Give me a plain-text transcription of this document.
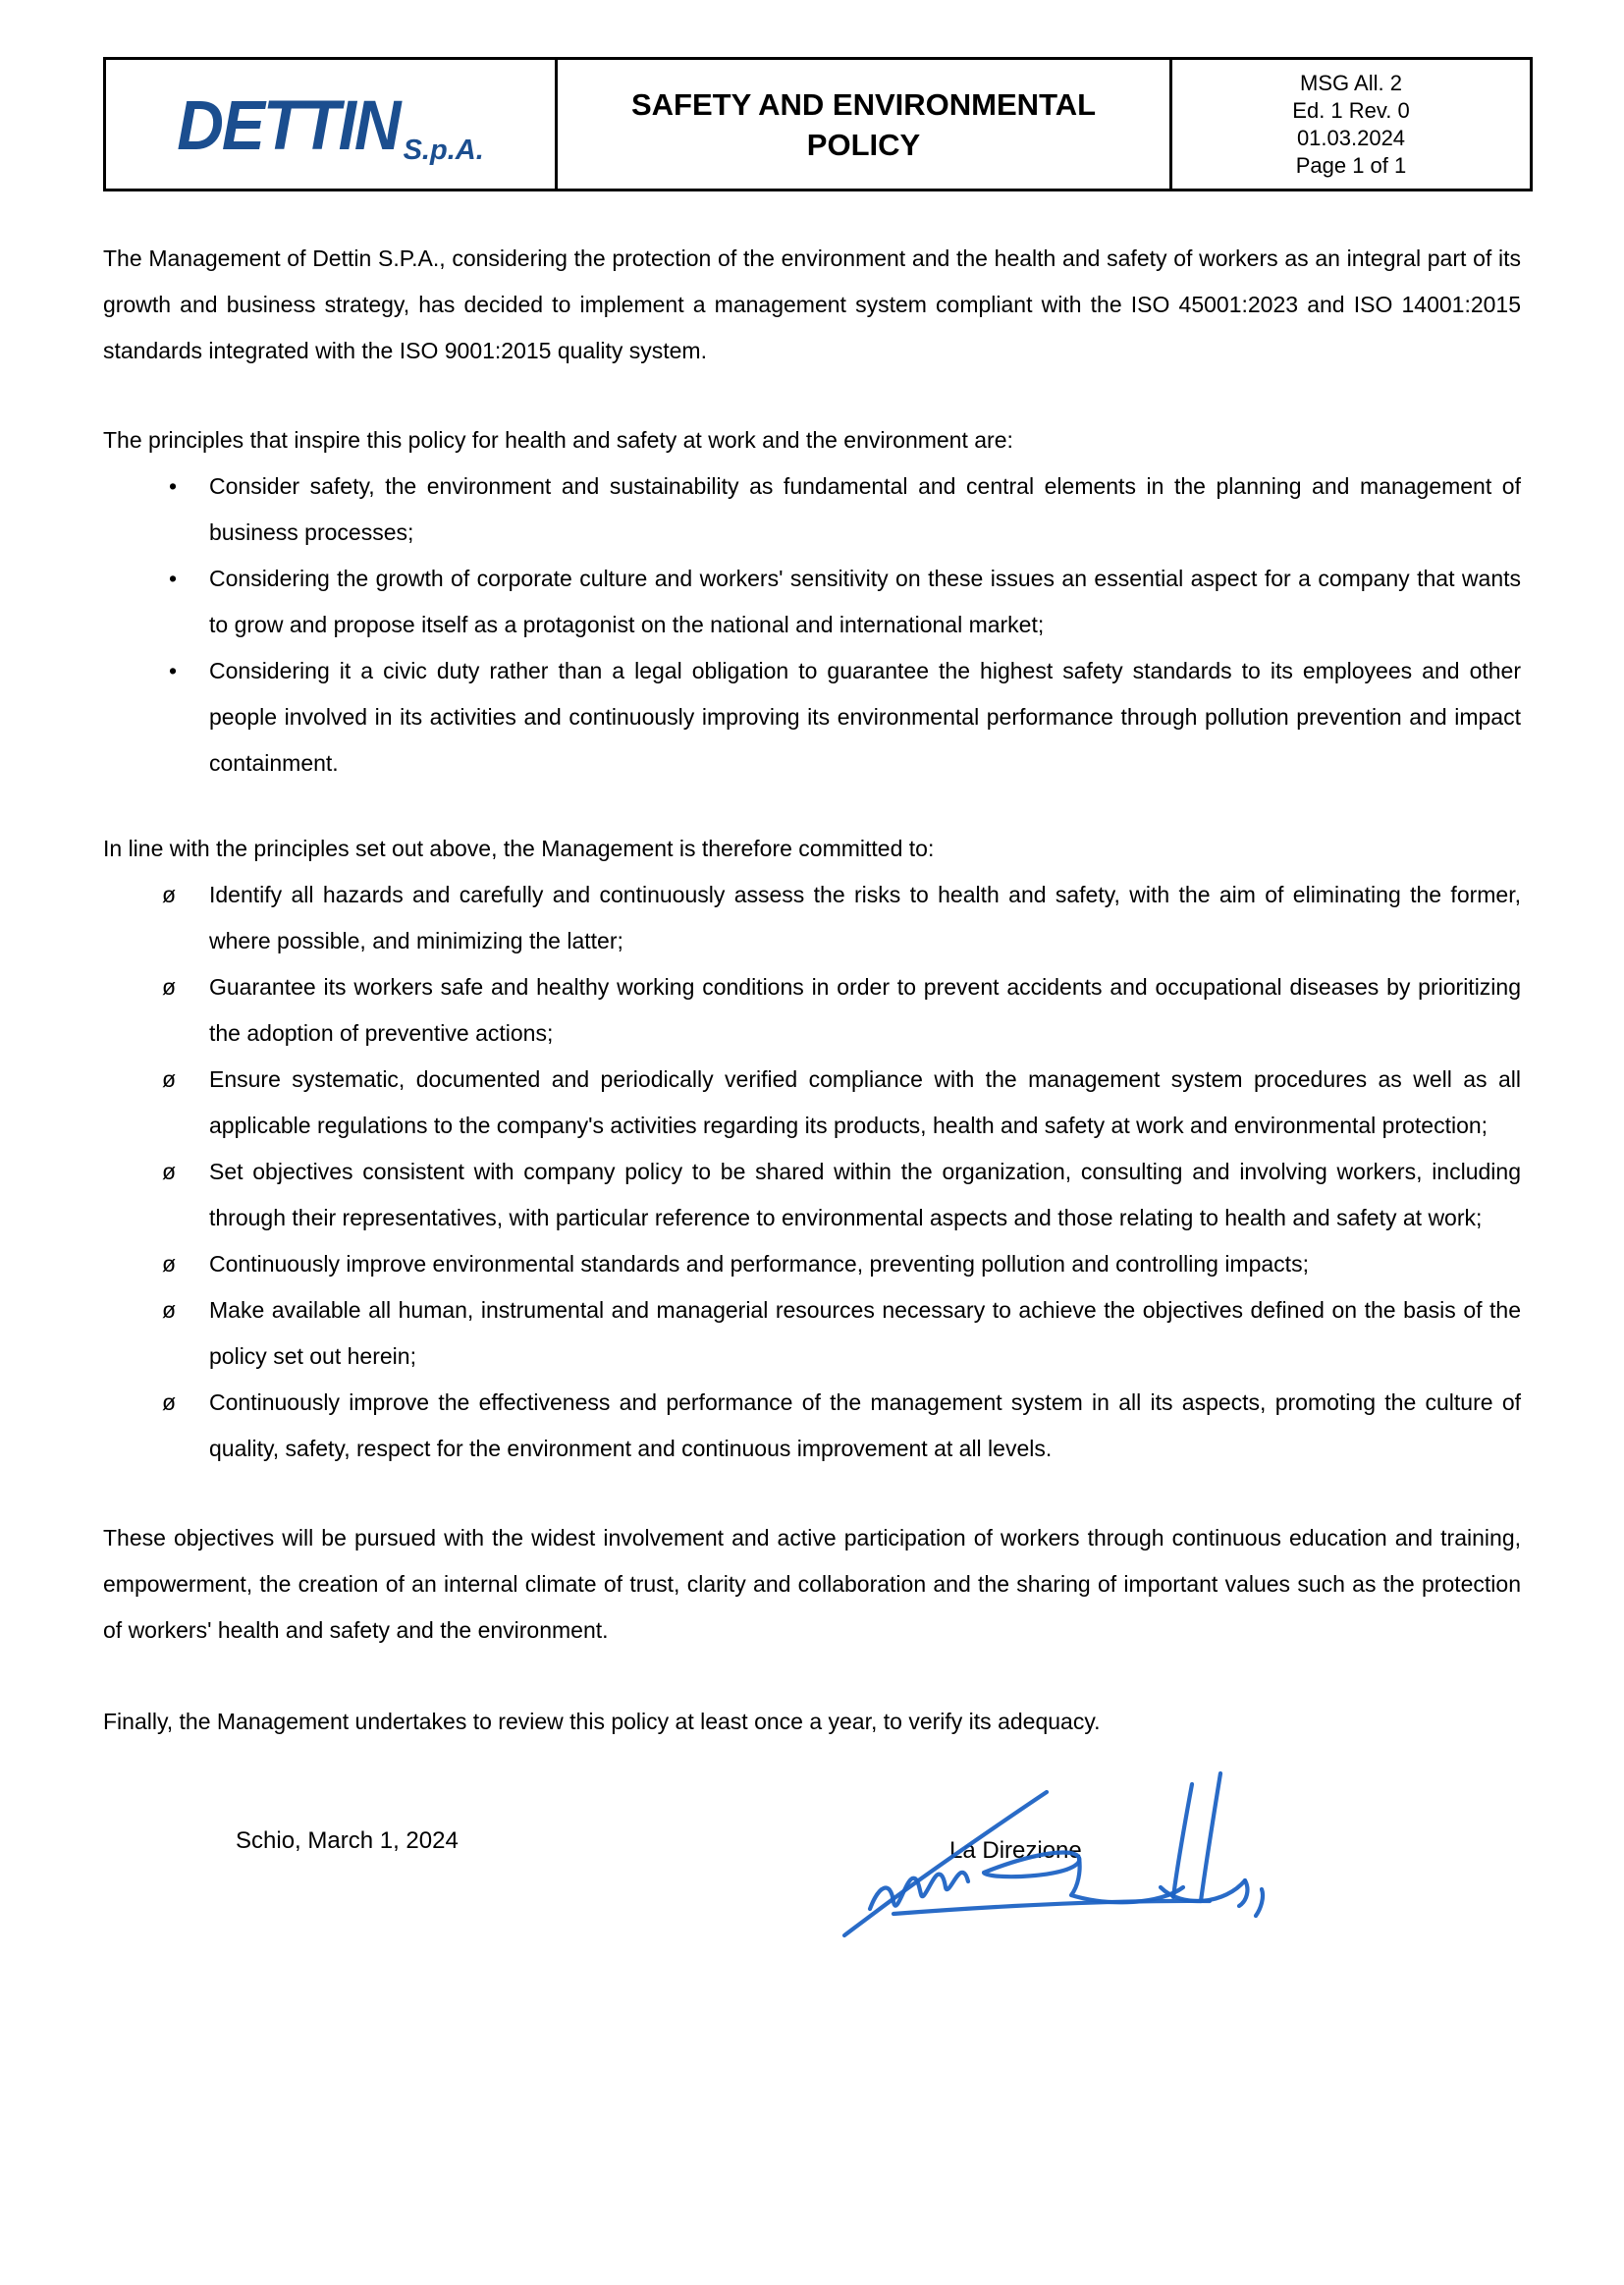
DETTIN S.p.A.	
SAFETY AND ENVIRONMENTAL
POLICY

MSG All. 2
Ed. 1 Rev. 0
01.03.2024
Page 1 of 1

The Management of Dettin S.P.A., considering the protection of the environment and the health and safety of workers as an integral part of its growth and business strategy, has decided to implement a management system compliant with the ISO 45001:2023 and ISO 14001:2015 standards integrated with the ISO 9001:2015 quality system.

The principles that inspire this policy for health and safety at work and the environment are:

• Consider safety, the environment and sustainability as fundamental and central elements in the planning and management of business processes;
• Considering the growth of corporate culture and workers' sensitivity on these issues an essential aspect for a company that wants to grow and propose itself as a protagonist on the national and international market;
• Considering it a civic duty rather than a legal obligation to guarantee the highest safety standards to its employees and other people involved in its activities and continuously improving its environmental performance through pollution prevention and impact containment.

In line with the principles set out above, the Management is therefore committed to:

ø Identify all hazards and carefully and continuously assess the risks to health and safety, with the aim of eliminating the former, where possible, and minimizing the latter;
ø Guarantee its workers safe and healthy working conditions in order to prevent accidents and occupational diseases by prioritizing the adoption of preventive actions;
ø Ensure systematic, documented and periodically verified compliance with the management system procedures as well as all applicable regulations to the company's activities regarding its products, health and safety at work and environmental protection;
ø Set objectives consistent with company policy to be shared within the organization, consulting and involving workers, including through their representatives, with particular reference to environmental aspects and those relating to health and safety at work;
ø Continuously improve environmental standards and performance, preventing pollution and controlling impacts;
ø Make available all human, instrumental and managerial resources necessary to achieve the objectives defined on the basis of the policy set out herein;
ø Continuously improve the effectiveness and performance of the management system in all its aspects, promoting the culture of quality, safety, respect for the environment and continuous improvement at all levels.

These objectives will be pursued with the widest involvement and active participation of workers through continuous education and training, empowerment, the creation of an internal climate of trust, clarity and collaboration and the sharing of important values such as the protection of workers' health and safety and the environment.

Finally, the Management undertakes to review this policy at least once a year, to verify its adequacy.

Schio, March 1, 2024	La Direzione
